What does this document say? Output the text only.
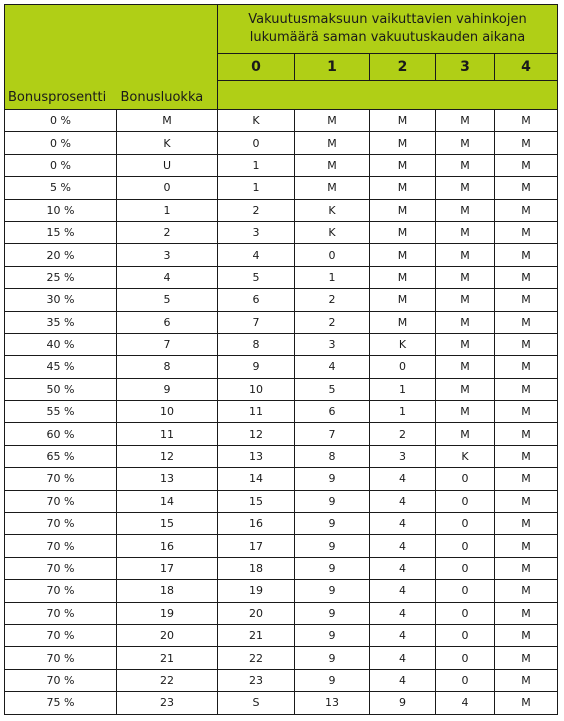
Bonusprosentti	Bonusluokka	Vakuutusmaksuun vaikuttavien vahinkojen lukumäärä saman vakuutuskauden aikana				
		0	1	2	3	4

0 %	M	K	M	M	M	M
0 %	K	0	M	M	M	M
0 %	U	1	M	M	M	M
5 %	0	1	M	M	M	M
10 %	1	2	K	M	M	M
15 %	2	3	K	M	M	M
20 %	3	4	0	M	M	M
25 %	4	5	1	M	M	M
30 %	5	6	2	M	M	M
35 %	6	7	2	M	M	M
40 %	7	8	3	K	M	M
45 %	8	9	4	0	M	M
50 %	9	10	5	1	M	M
55 %	10	11	6	1	M	M
60 %	11	12	7	2	M	M
65 %	12	13	8	3	K	M
70 %	13	14	9	4	0	M
70 %	14	15	9	4	0	M
70 %	15	16	9	4	0	M
70 %	16	17	9	4	0	M
70 %	17	18	9	4	0	M
70 %	18	19	9	4	0	M
70 %	19	20	9	4	0	M
70 %	20	21	9	4	0	M
70 %	21	22	9	4	0	M
70 %	22	23	9	4	0	M
75 %	23	S	13	9	4	M
